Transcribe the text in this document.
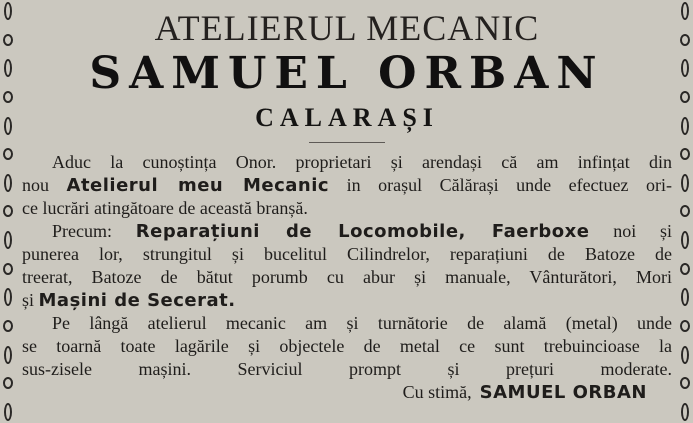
ATELIERUL MECANIC
SAMUEL ORBAN
CALARAȘI
Aduc la cunoștința Onor. proprietari și arendași că am infințat din
nou Atelierul meu Mecanic in orașul Călărași unde efectuez ori-
ce lucrări atingătoare de această branșă.
Precum: Reparațiuni de Locomobile, Faerboxe noi și
punerea lor, strungitul și bucelitul Cilindrelor, reparațiuni de Batoze de
treerat, Batoze de bătut porumb cu abur și manuale, Vânturători, Mori
și Mașini de Secerat.
Pe lângă atelierul mecanic am și turnătorie de alamă (metal) unde
se toarnă toate lagările și objectele de metal ce sunt trebuincioase la
sus-zisele mașini.	Serviciul prompt și prețuri moderate.
Cu stimă, SAMUEL ORBAN
